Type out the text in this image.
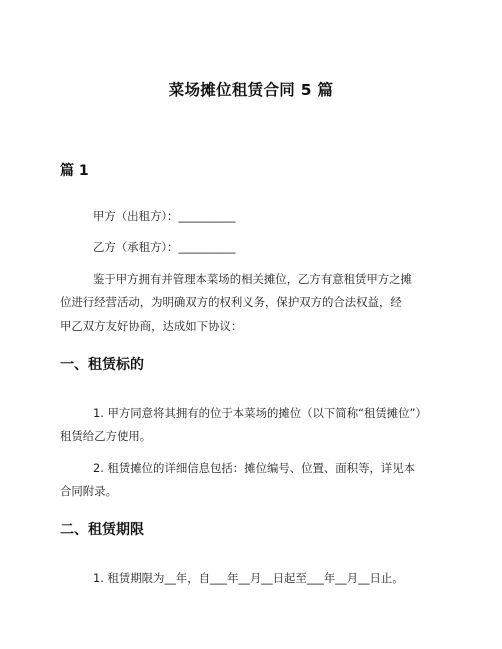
菜场摊位租赁合同 5 篇
篇 1
甲方（出租方）：__________
乙方（承租方）：__________
鉴于甲方拥有并管理本菜场的相关摊位，乙方有意租赁甲方之摊
位进行经营活动，为明确双方的权利义务，保护双方的合法权益，经
甲乙双方友好协商，达成如下协议：
一、租赁标的
1. 甲方同意将其拥有的位于本菜场的摊位（以下简称“租赁摊位”）
租赁给乙方使用。
2. 租赁摊位的详细信息包括：摊位编号、位置、面积等，详见本
合同附录。
二、租赁期限
1. 租赁期限为__年，自___年__月__日起至___年__月__日止。
